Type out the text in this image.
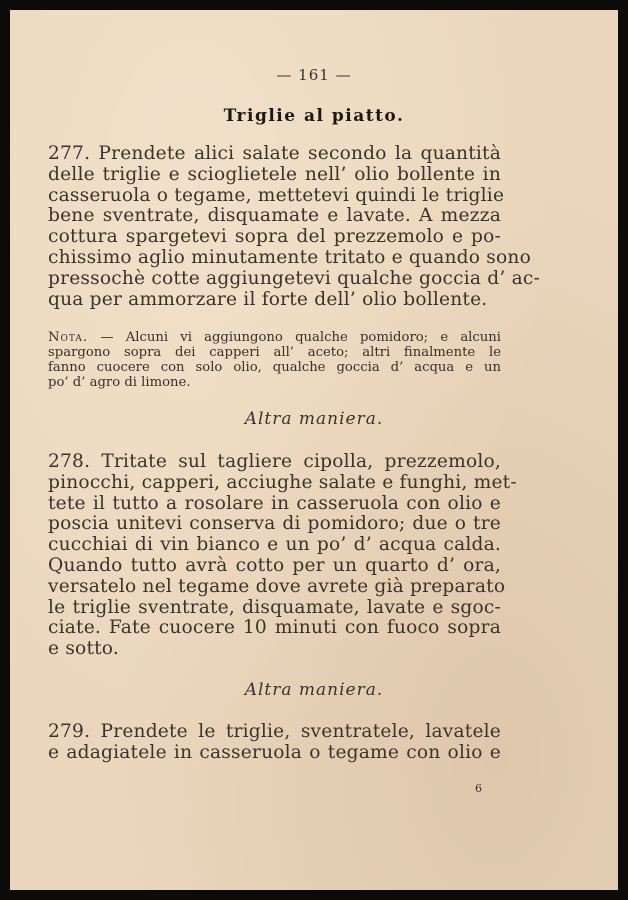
— 161 —
Triglie al piatto.
277. Prendete alici salate secondo la quantità
delle triglie e scioglietele nell’ olio bollente in
casseruola o tegame, mettetevi quindi le triglie
bene sventrate, disquamate e lavate. A mezza
cottura spargetevi sopra del prezzemolo e po-
chissimo aglio minutamente tritato e quando sono
pressochè cotte aggiungetevi qualche goccia d’ ac-
qua per ammorzare il forte dell’ olio bollente.
Nota. — Alcuni vi aggiungono qualche pomidoro; e alcuni
spargono sopra dei capperi all’ aceto; altri finalmente le
fanno cuocere con solo olio, qualche goccia d’ acqua e un
po’ d’ agro di limone.
Altra maniera.
278. Tritate sul tagliere cipolla, prezzemolo,
pinocchi, capperi, acciughe salate e funghi, met-
tete il tutto a rosolare in casseruola con olio e
poscia unitevi conserva di pomidoro; due o tre
cucchiai di vin bianco e un po’ d’ acqua calda.
Quando tutto avrà cotto per un quarto d’ ora,
versatelo nel tegame dove avrete già preparato
le triglie sventrate, disquamate, lavate e sgoc-
ciate. Fate cuocere 10 minuti con fuoco sopra
e sotto.
Altra maniera.
279. Prendete le triglie, sventratele, lavatele
e adagiatele in casseruola o tegame con olio e
6
